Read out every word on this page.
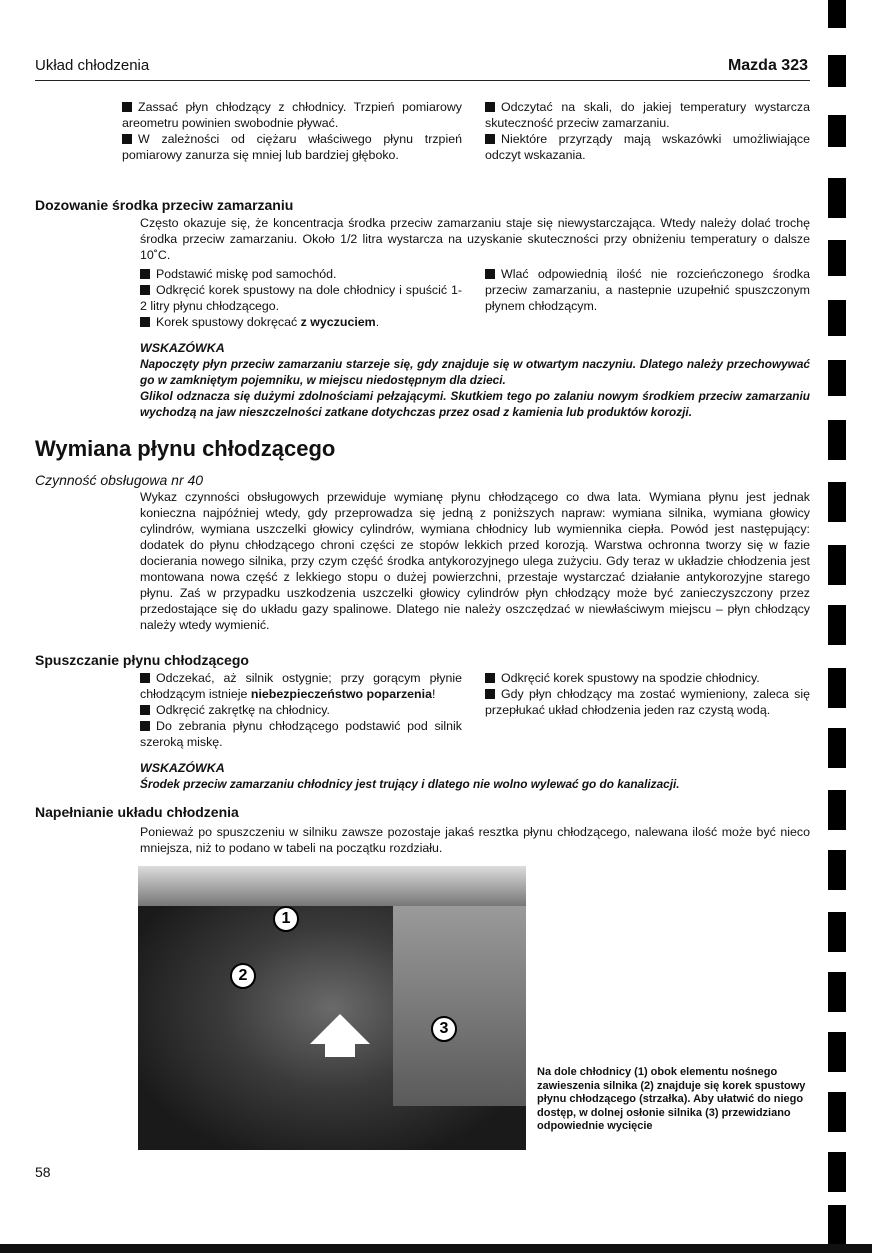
Układ chłodzenia	Mazda 323
Zassać płyn chłodzący z chłodnicy. Trzpień pomiarowy areometru powinien swobodnie pływać.
W zależności od ciężaru właściwego płynu trzpień pomiarowy zanurza się mniej lub bardziej głęboko.
Odczytać na skali, do jakiej temperatury wystarcza skuteczność przeciw zamarzaniu.
Niektóre przyrządy mają wskazówki umożliwiające odczyt wskazania.
Dozowanie środka przeciw zamarzaniu
Często okazuje się, że koncentracja środka przeciw zamarzaniu staje się niewystarczająca. Wtedy należy dolać trochę środka przeciw zamarzaniu. Około 1/2 litra wystarcza na uzyskanie skuteczności przy obniżeniu temperatury o dalsze 10˚C.
Podstawić miskę pod samochód.
Odkręcić korek spustowy na dole chłodnicy i spuścić 1-2 litry płynu chłodzącego.
Korek spustowy dokręcać z wyczuciem.
Wlać odpowiednią ilość nie rozcieńczonego środka przeciw zamarzaniu, a nastepnie uzupełnić spuszczonym płynem chłodzącym.
WSKAZÓWKA
Napoczęty płyn przeciw zamarzaniu starzeje się, gdy znajduje się w otwartym naczyniu. Dlatego należy przechowywać go w zamkniętym pojemniku, w miejscu niedostępnym dla dzieci.
Glikol odznacza się dużymi zdolnościami pełzającymi. Skutkiem tego po zalaniu nowym środkiem przeciw zamarzaniu wychodzą na jaw nieszczelności zatkane dotychczas przez osad z kamienia lub produktów korozji.
Wymiana płynu chłodzącego
Czynność obsługowa nr 40
Wykaz czynności obsługowych przewiduje wymianę płynu chłodzącego co dwa lata. Wymiana płynu jest jednak konieczna najpóźniej wtedy, gdy przeprowadza się jedną z poniższych napraw: wymiana silnika, wymiana głowicy cylindrów, wymiana uszczelki głowicy cylindrów, wymiana chłodnicy lub wymiennika ciepła. Powód jest następujący: dodatek do płynu chłodzącego chroni części ze stopów lekkich przed korozją. Warstwa ochronna tworzy się w fazie docierania nowego silnika, przy czym część środka antykorozyjnego ulega zużyciu. Gdy teraz w układzie chłodzenia jest montowana nowa część z lekkiego stopu o dużej powierzchni, przestaje wystarczać działanie antykorozyjne starego płynu. Zaś w przypadku uszkodzenia uszczelki głowicy cylindrów płyn chłodzący może być zanieczyszczony przez przedostające się do układu gazy spalinowe. Dlatego nie należy oszczędzać w niewłaściwym miejscu – płyn chłodzący należy wtedy wymienić.
Spuszczanie płynu chłodzącego
Odczekać, aż silnik ostygnie; przy gorącym płynie chłodzącym istnieje niebezpieczeństwo poparzenia!
Odkręcić zakrętkę na chłodnicy.
Do zebrania płynu chłodzącego podstawić pod silnik szeroką miskę.
Odkręcić korek spustowy na spodzie chłodnicy.
Gdy płyn chłodzący ma zostać wymieniony, zaleca się przepłukać układ chłodzenia jeden raz czystą wodą.
WSKAZÓWKA
Środek przeciw zamarzaniu chłodnicy jest trujący i dlatego nie wolno wylewać go do kanalizacji.
Napełnianie układu chłodzenia
Ponieważ po spuszczeniu w silniku zawsze pozostaje jakaś resztka płynu chłodzącego, nalewana ilość może być nieco mniejsza, niż to podano w tabeli na początku rozdziału.
1
2
3
Na dole chłodnicy (1) obok elementu nośnego zawieszenia silnika (2) znajduje się korek spustowy płynu chłodzącego (strzałka). Aby ułatwić do niego dostęp, w dolnej osłonie silnika (3) przewidziano odpowiednie wycięcie
58
